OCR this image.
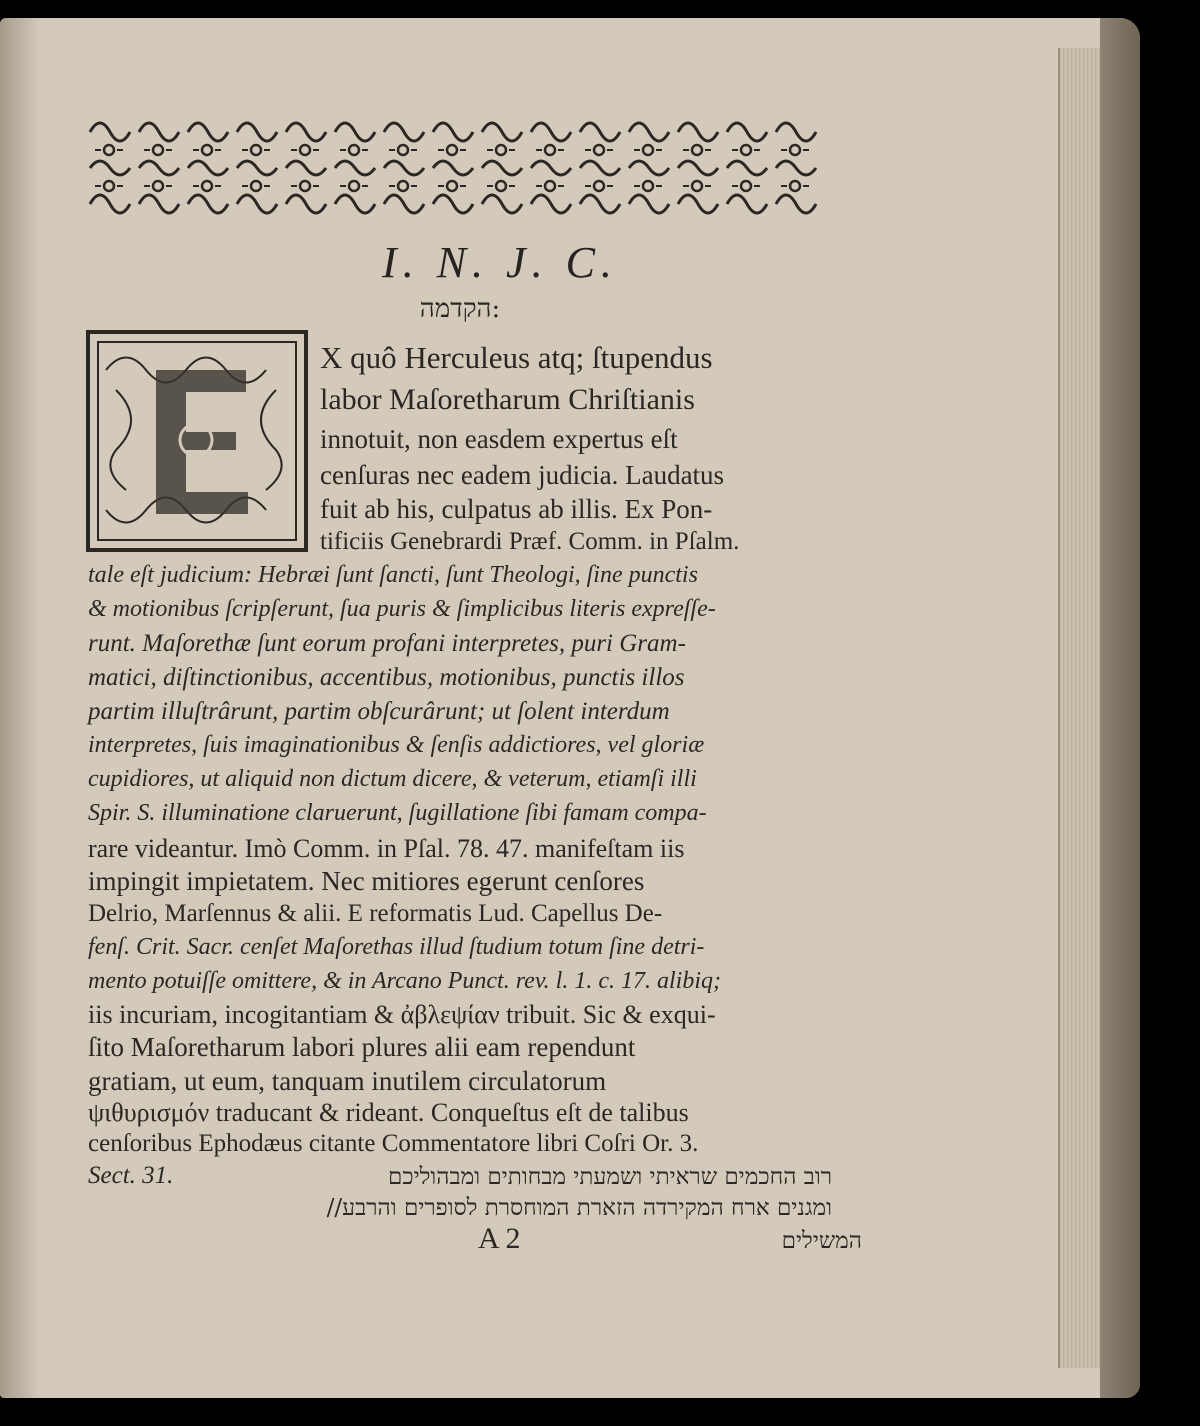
I. N. J. C.
הקדמה:
X quô Herculeus atq; ſtupendus
labor Maſoretharum Chriſtianis
innotuit, non easdem expertus eſt
cenſuras nec eadem judicia. Laudatus
fuit ab his, culpatus ab illis. Ex Pon-
tificiis Genebrardi Præf. Comm. in Pſalm.
tale eſt judicium: Hebræi ſunt ſancti, ſunt Theologi, ſine punctis
& motionibus ſcripſerunt, ſua puris & ſimplicibus literis expreſſe-
runt. Maſorethæ ſunt eorum profani interpretes, puri Gram-
matici, diſtinctionibus, accentibus, motionibus, punctis illos
partim illuſtrârunt, partim obſcurârunt; ut ſolent interdum
interpretes, ſuis imaginationibus & ſenſis addictiores, vel gloriæ
cupidiores, ut aliquid non dictum dicere, & veterum, etiamſi illi
Spir. S. illuminatione claruerunt, ſugillatione ſibi famam compa-
rare videantur. Imò Comm. in Pſal. 78. 47. manifeſtam iis
impingit impietatem. Nec mitiores egerunt cenſores
Delrio, Marſennus & alii. E reformatis Lud. Capellus De-
fenſ. Crit. Sacr. cenſet Maſorethas illud ſtudium totum ſine detri-
mento potuiſſe omittere, & in Arcano Punct. rev. l. 1. c. 17. alibiq;
iis incuriam, incogitantiam & ἀβλεψίαν tribuit. Sic & exqui-
ſito Maſoretharum labori plures alii eam rependunt
gratiam, ut eum, tanquam inutilem circulatorum
ψιθυρισμόν traducant & rideant. Conqueſtus eſt de talibus
cenſoribus Ephodæus citante Commentatore libri Coſri Or. 3.
Sect. 31.	רוב החכמים שראיתי ושמעתי מבחותים ומבהוליכם
ומגנים ארח המקירדה הזארת המוחסרת לסופרים והרבע//
A 2	המשילים
